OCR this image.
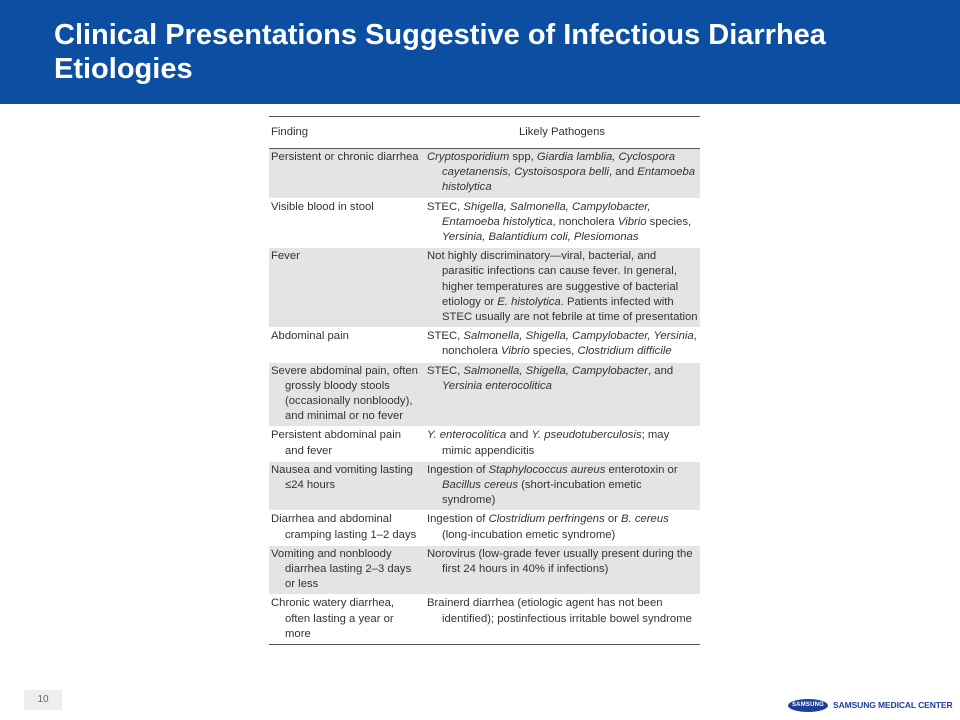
Clinical Presentations Suggestive of Infectious Diarrhea Etiologies
Finding	Likely Pathogens
Persistent or chronic diarrhea	Cryptosporidium spp, Giardia lamblia, Cyclospora cayetanensis, Cystoisospora belli, and Entamoeba histolytica
Visible blood in stool	STEC, Shigella, Salmonella, Campylobacter, Entamoeba histolytica, noncholera Vibrio species, Yersinia, Balantidium coli, Plesiomonas
Fever	Not highly discriminatory—viral, bacterial, and parasitic infections can cause fever. In general, higher temperatures are suggestive of bacterial etiology or E. histolytica. Patients infected with STEC usually are not febrile at time of presentation
Abdominal pain	STEC, Salmonella, Shigella, Campylobacter, Yersinia, noncholera Vibrio species, Clostridium difficile
Severe abdominal pain, often grossly bloody stools (occasionally nonbloody), and minimal or no fever	STEC, Salmonella, Shigella, Campylobacter, and Yersinia enterocolitica
Persistent abdominal pain and fever	Y. enterocolitica and Y. pseudotuberculosis; may mimic appendicitis
Nausea and vomiting lasting ≤24 hours	Ingestion of Staphylococcus aureus enterotoxin or Bacillus cereus (short-incubation emetic syndrome)
Diarrhea and abdominal cramping lasting 1–2 days	Ingestion of Clostridium perfringens or B. cereus (long-incubation emetic syndrome)
Vomiting and nonbloody diarrhea lasting 2–3 days or less	Norovirus (low-grade fever usually present during the first 24 hours in 40% if infections)
Chronic watery diarrhea, often lasting a year or more	Brainerd diarrhea (etiologic agent has not been identified); postinfectious irritable bowel syndrome
10	SAMSUNG	SAMSUNG MEDICAL CENTER
